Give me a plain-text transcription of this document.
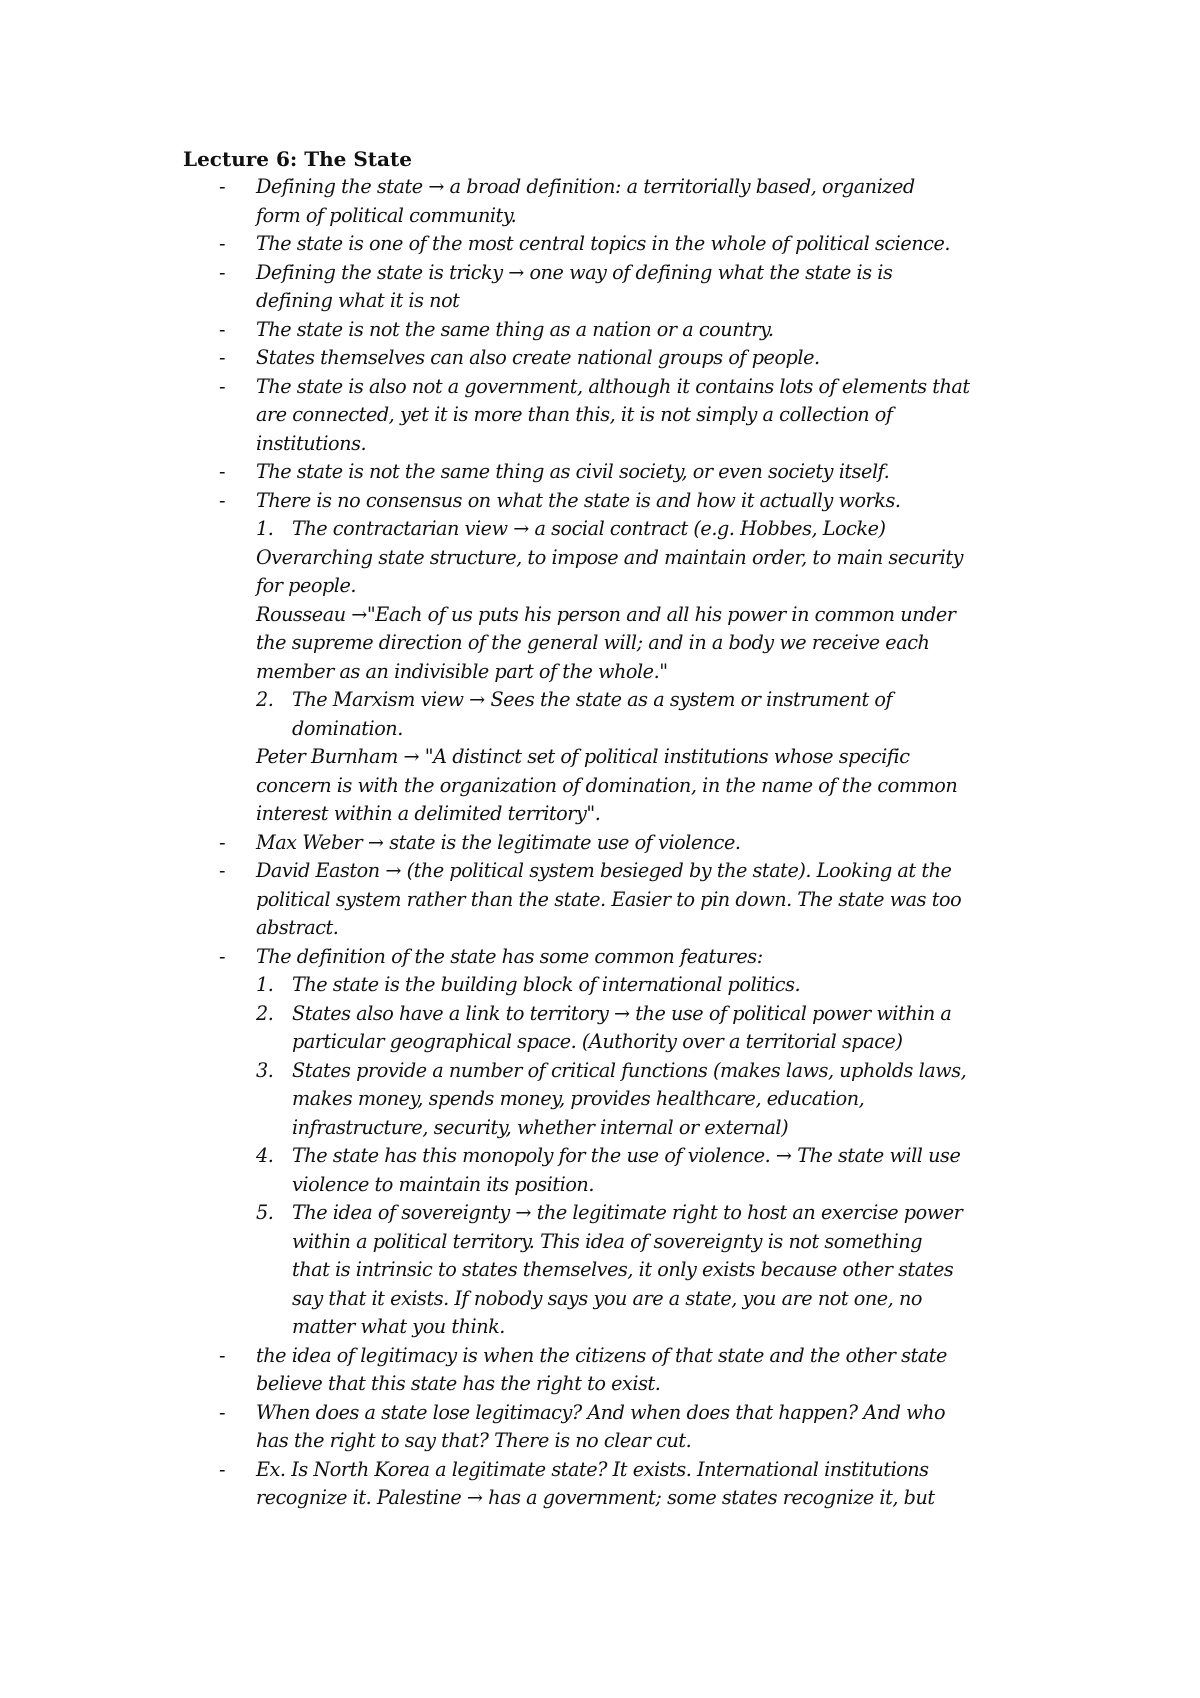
Lecture 6: The State
- Defining the state → a broad definition: a territorially based, organized
form of political community.
- The state is one of the most central topics in the whole of political science.
- Defining the state is tricky → one way of defining what the state is is
defining what it is not
- The state is not the same thing as a nation or a country.
- States themselves can also create national groups of people.
- The state is also not a government, although it contains lots of elements that
are connected, yet it is more than this, it is not simply a collection of
institutions.
- The state is not the same thing as civil society, or even society itself.
- There is no consensus on what the state is and how it actually works.
1. The contractarian view → a social contract (e.g. Hobbes, Locke)
Overarching state structure, to impose and maintain order, to main security
for people.
Rousseau →"Each of us puts his person and all his power in common under
the supreme direction of the general will; and in a body we receive each
member as an indivisible part of the whole."
2. The Marxism view → Sees the state as a system or instrument of
domination.
Peter Burnham → "A distinct set of political institutions whose specific
concern is with the organization of domination, in the name of the common
interest within a delimited territory".
- Max Weber → state is the legitimate use of violence.
- David Easton → (the political system besieged by the state). Looking at the
political system rather than the state. Easier to pin down. The state was too
abstract.
- The definition of the state has some common features:
1. The state is the building block of international politics.
2. States also have a link to territory → the use of political power within a
particular geographical space. (Authority over a territorial space)
3. States provide a number of critical functions (makes laws, upholds laws,
makes money, spends money, provides healthcare, education,
infrastructure, security, whether internal or external)
4. The state has this monopoly for the use of violence. → The state will use
violence to maintain its position.
5. The idea of sovereignty → the legitimate right to host an exercise power
within a political territory. This idea of sovereignty is not something
that is intrinsic to states themselves, it only exists because other states
say that it exists. If nobody says you are a state, you are not one, no
matter what you think.
- the idea of legitimacy is when the citizens of that state and the other state
believe that this state has the right to exist.
- When does a state lose legitimacy? And when does that happen? And who
has the right to say that? There is no clear cut.
- Ex. Is North Korea a legitimate state? It exists. International institutions
recognize it. Palestine → has a government; some states recognize it, but
